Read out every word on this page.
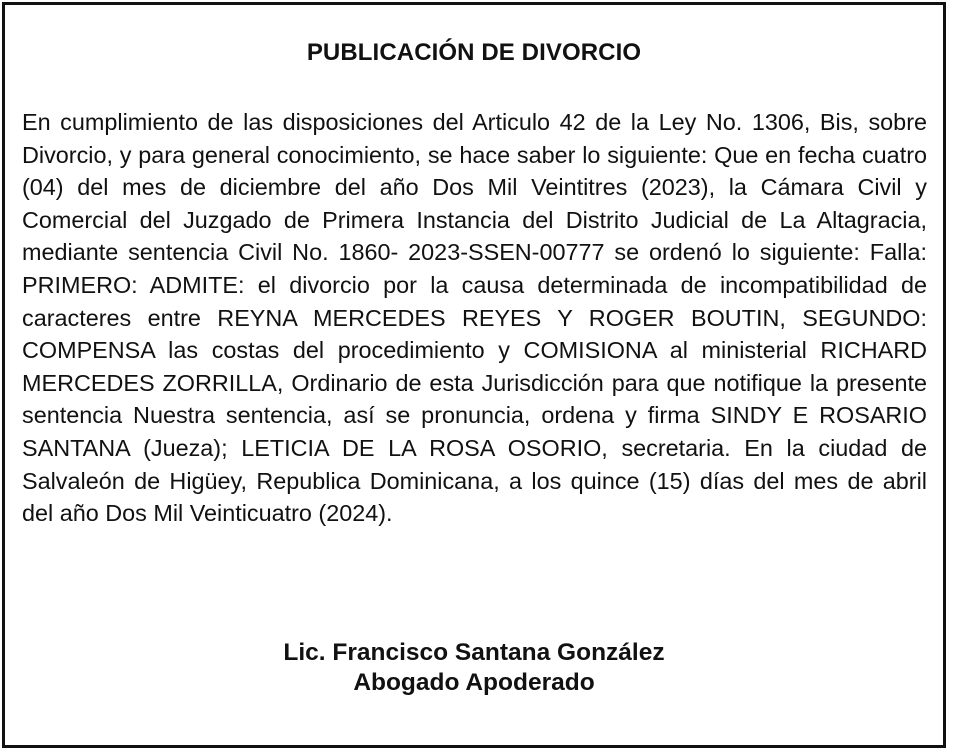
PUBLICACIÓN DE DIVORCIO

En cumplimiento de las disposiciones del Articulo 42 de la Ley No. 1306, Bis, sobre Divorcio, y para general conocimiento, se hace saber lo siguiente: Que en fecha cuatro (04) del mes de diciembre del año Dos Mil Veintitres (2023), la Cámara Civil y Comercial del Juzgado de Primera Instancia del Distrito Judicial de La Altagracia, mediante sentencia Civil No. 1860- 2023-SSEN-00777 se ordenó lo siguiente: Falla: PRIMERO: ADMITE: el divorcio por la causa determinada de incompatibilidad de caracteres entre REYNA MERCEDES REYES Y ROGER BOUTIN, SEGUNDO: COMPENSA las costas del procedimiento y COMISIONA al ministerial RICHARD MERCEDES ZORRILLA, Ordinario de esta Jurisdicción para que notifique la presente sentencia Nuestra sentencia, así se pronuncia, ordena y firma SINDY E ROSARIO SANTANA (Jueza); LETICIA DE LA ROSA OSORIO, secretaria. En la ciudad de Salvaleón de Higüey, Republica Dominicana, a los quince (15) días del mes de abril del año Dos Mil Veinticuatro (2024).

Lic. Francisco Santana González
Abogado Apoderado
